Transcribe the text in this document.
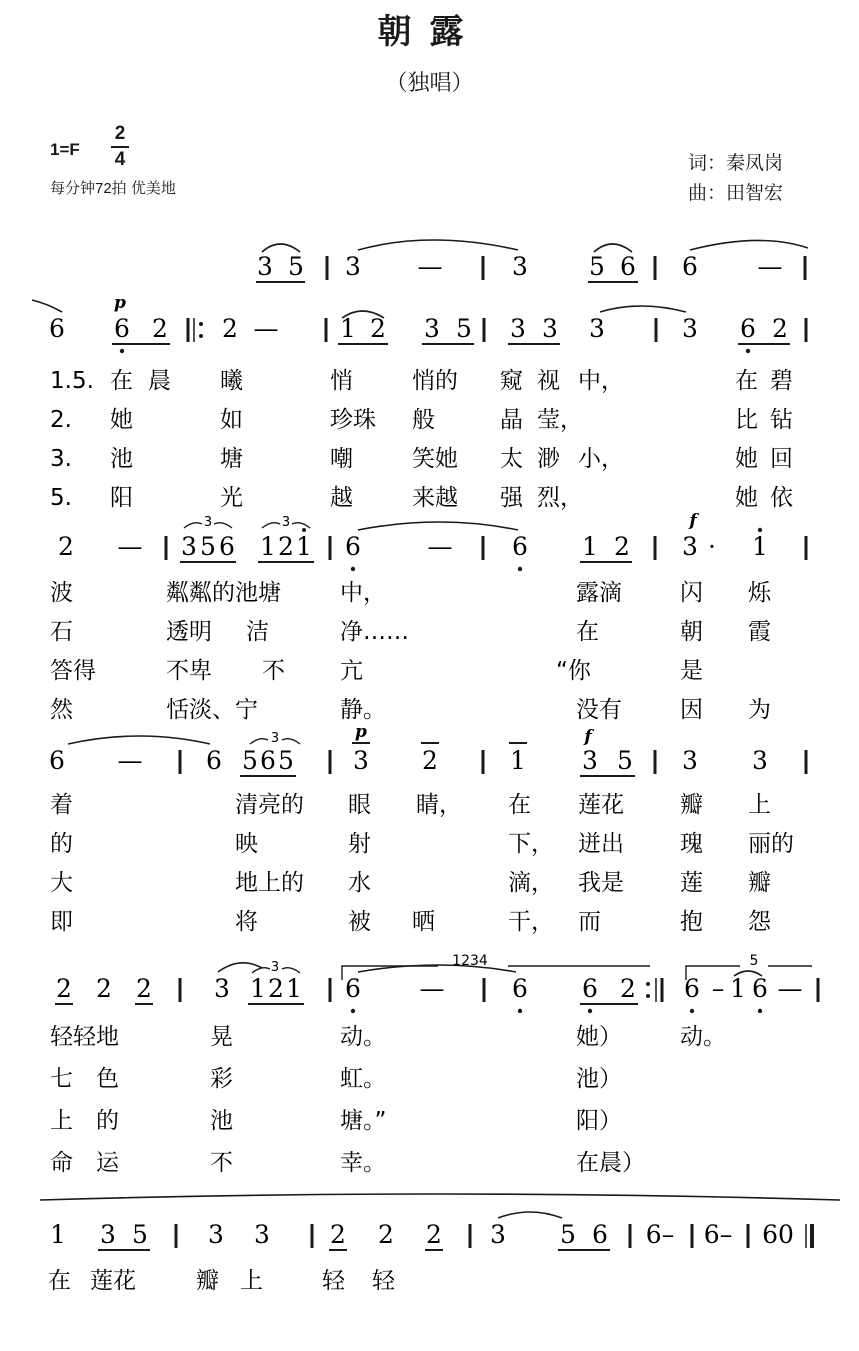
朝露
（独唱）
1=F
2
4
每分钟72拍 优美地
词：秦凤岗
曲：田智宏
3 5 3 —	3 5 6 6 —
p
6 6 2 2 — 1 2 3 5 3 3 3	3 6 2
1.5. 在 晨 曦	悄	悄的 窥 视 中，	在 碧
2. 她	如	珍珠 般	晶 莹，	比 钻
3. 池	塘	嘲	笑她 太 渺 小，	她 回
5. 阳	光	越	来越 强 烈，	她 依
3	3	f
2 — 3 5 6 1 2 1 6	— 6 1 2 3 · 1
波	粼粼的池塘	中，	露滴	闪 烁
石	透明 洁	净……	在	朝 霞
答得	不卑 不 亢	“你	是
然	恬淡、宁	静。	没有	因 为
3	p	f
6 —	6 5 6 5 3 2	1 3 5 3 3
着	清亮的 眼 睛， 在 莲花 瓣 上
的	映	射	下， 迸出 瑰 丽的
大	地上的 水	滴， 我是 莲 瓣
即	将	被 晒	干， 而	抱 怨
3	1234	5
2 2 2 3 1 2 1 6 —	6 6 2 6 – 1 6 —
轻轻地	晃	动。	她）	动。
七 色	彩	虹。	池）
上 的	池	塘。”	阳）
命 运	不	幸。	在晨）
1 3 5 3 3 2 2 2 3 5 6 6– 6– 60
在 莲花	瓣 上	轻 轻
